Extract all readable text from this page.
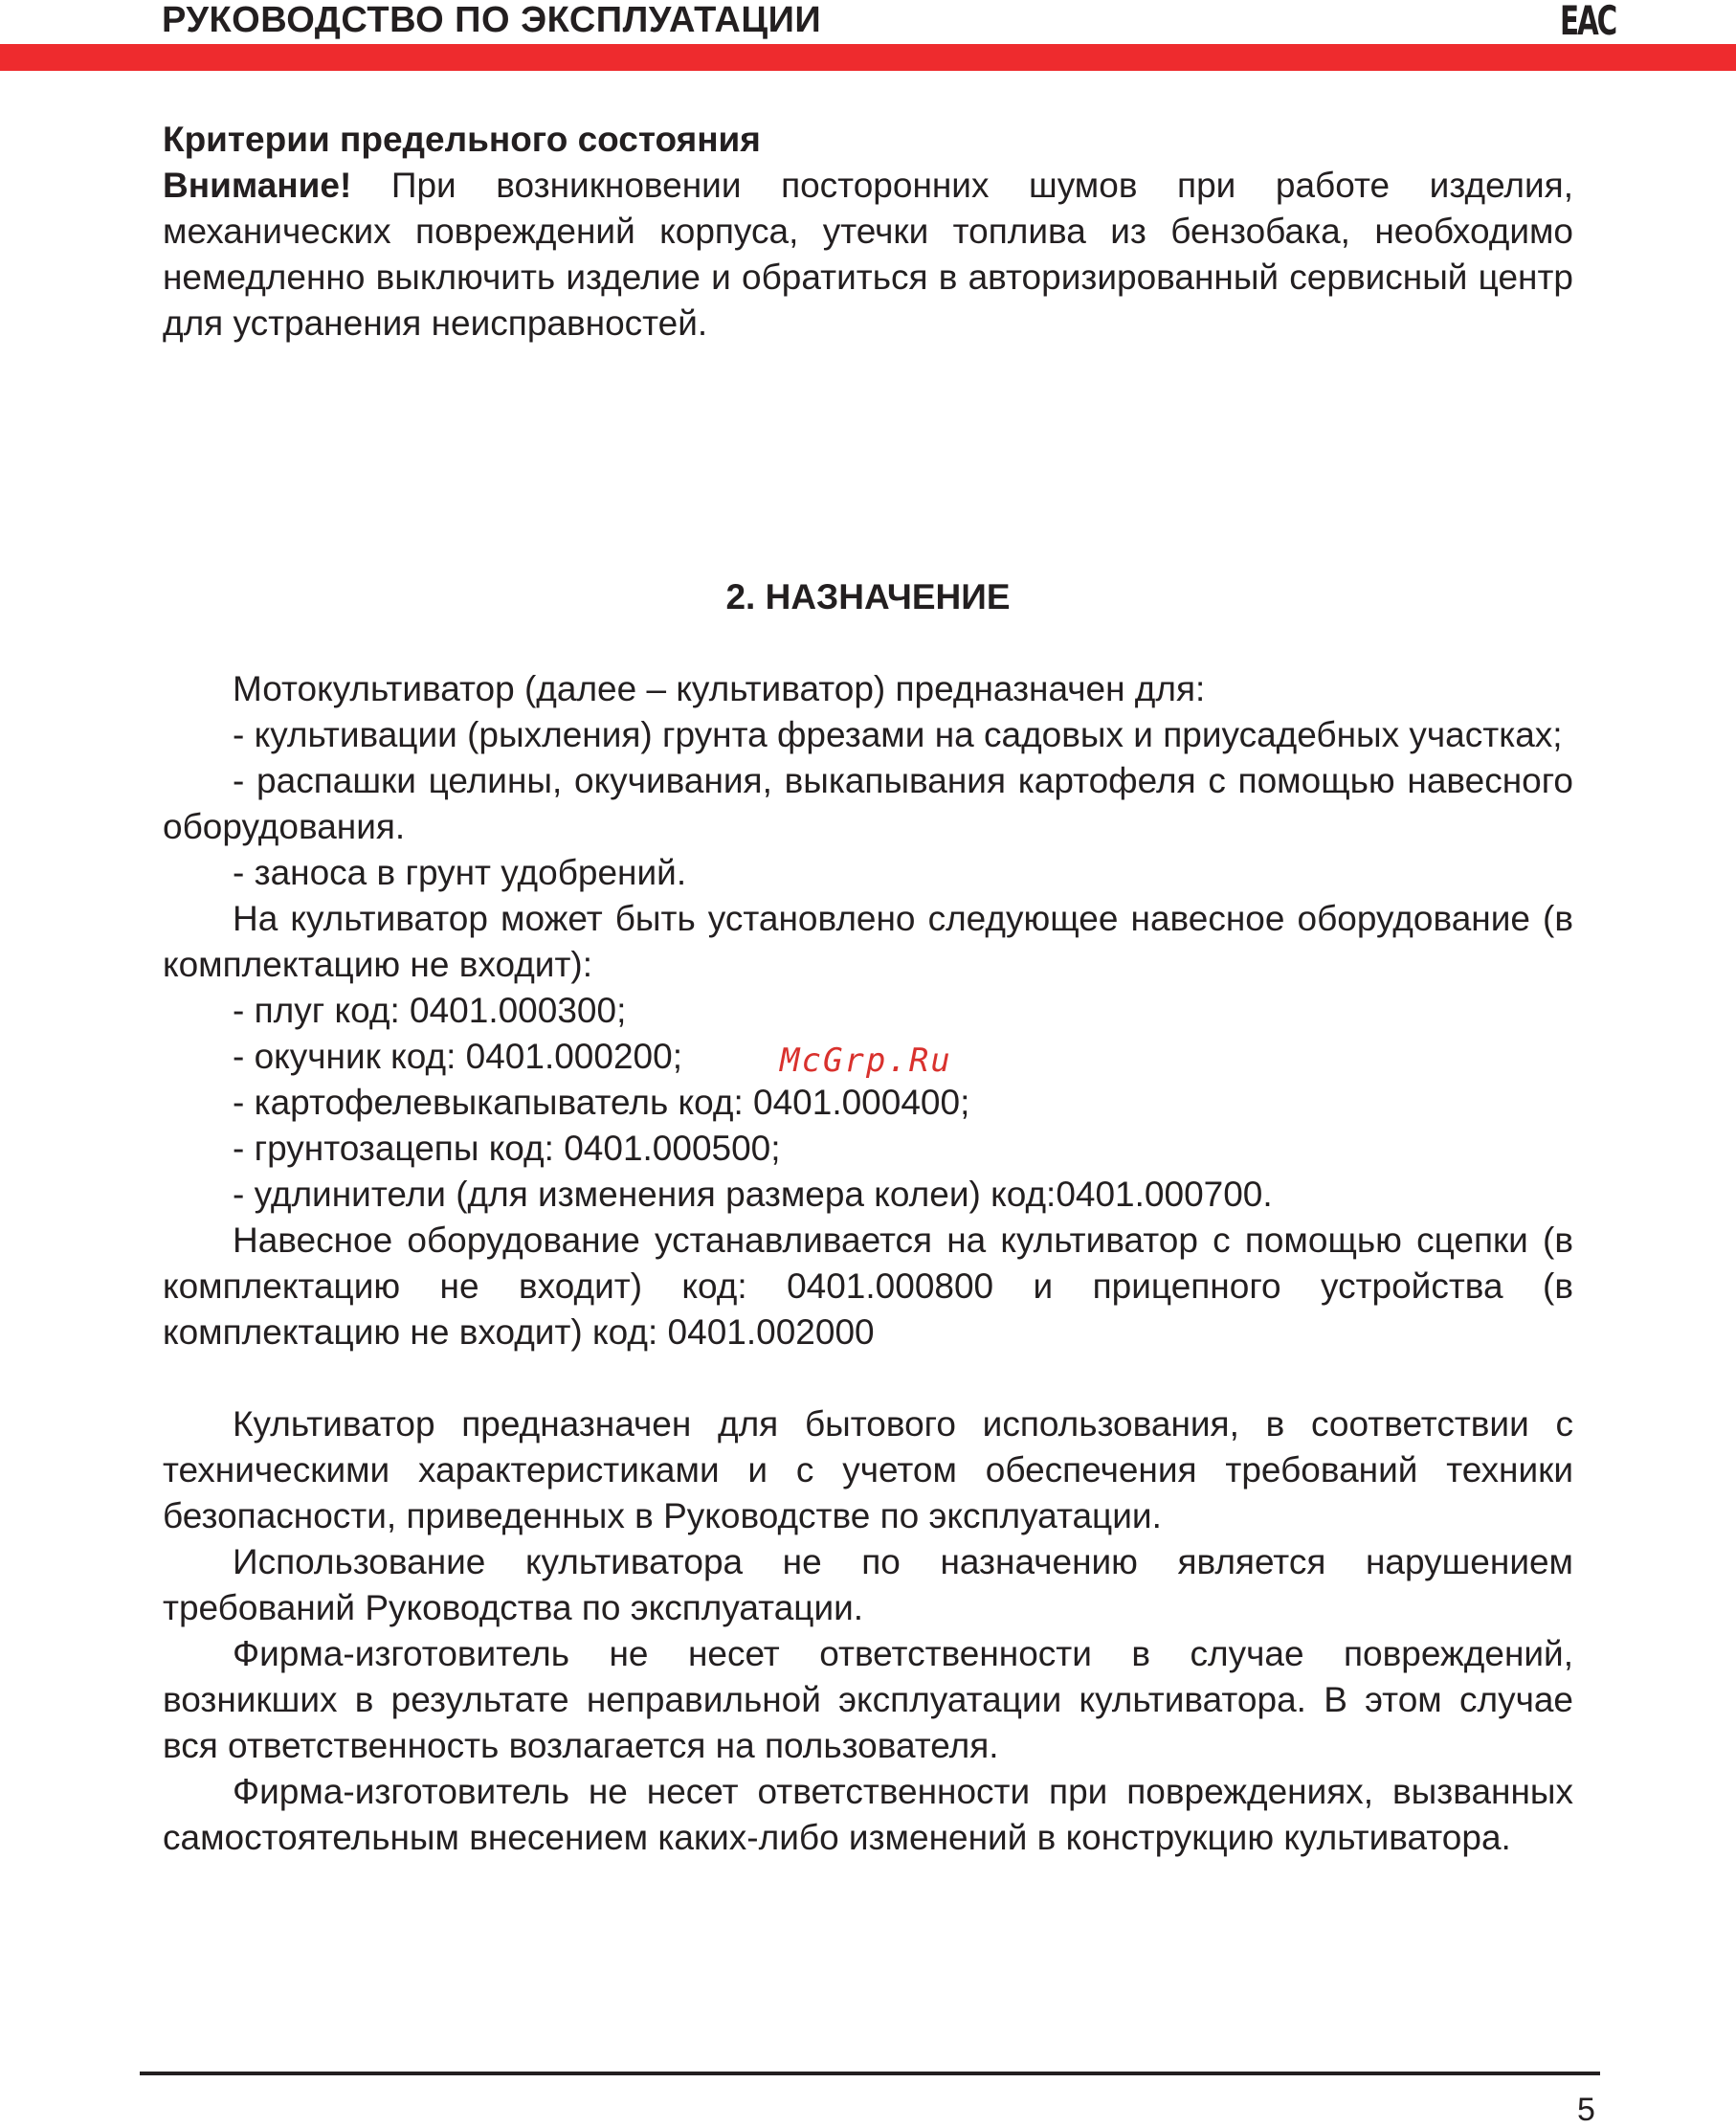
РУКОВОДСТВО ПО ЭКСПЛУАТАЦИИ	ЕАС
Критерии предельного состояния

Внимание! При возникновении посторонних шумов при работе изделия, механических повреждений корпуса, утечки топлива из бензобака, необходимо немедленно выключить изделие и обратиться в авторизированный сервисный центр для устранения неисправностей.

2. НАЗНАЧЕНИЕ

Мотокультиватор (далее – культиватор) предназначен для:

- культивации (рыхления) грунта фрезами на садовых и приусадебных участках;

- распашки целины, окучивания, выкапывания картофеля с помощью навесного оборудования.

- заноса в грунт удобрений.

На культиватор может быть установлено следующее навесное оборудование (в комплектацию не входит):

- плуг код: 0401.000300;

- окучник код: 0401.000200;

- картофелевыкапыватель код: 0401.000400;

- грунтозацепы код: 0401.000500;

- удлинители (для изменения размера колеи) код:0401.000700.

Навесное оборудование устанавливается на культиватор с помощью сцепки (в комплектацию не входит) код: 0401.000800 и прицепного устройства (в комплектацию не входит) код: 0401.002000

Культиватор предназначен для бытового использования, в соответствии с техническими характеристиками и с учетом обеспечения требований техники безопасности, приведенных в Руководстве по эксплуатации.

Использование культиватора не по назначению является нарушением требований Руководства по эксплуатации.

Фирма-изготовитель не несет ответственности в случае повреждений, возникших в результате неправильной эксплуатации культиватора. В этом случае вся ответственность возлагается на пользователя.

Фирма-изготовитель не несет ответственности при повреждениях, вызванных самостоятельным внесением каких-либо изменений в конструкцию культиватора.

McGrp.Ru
5
